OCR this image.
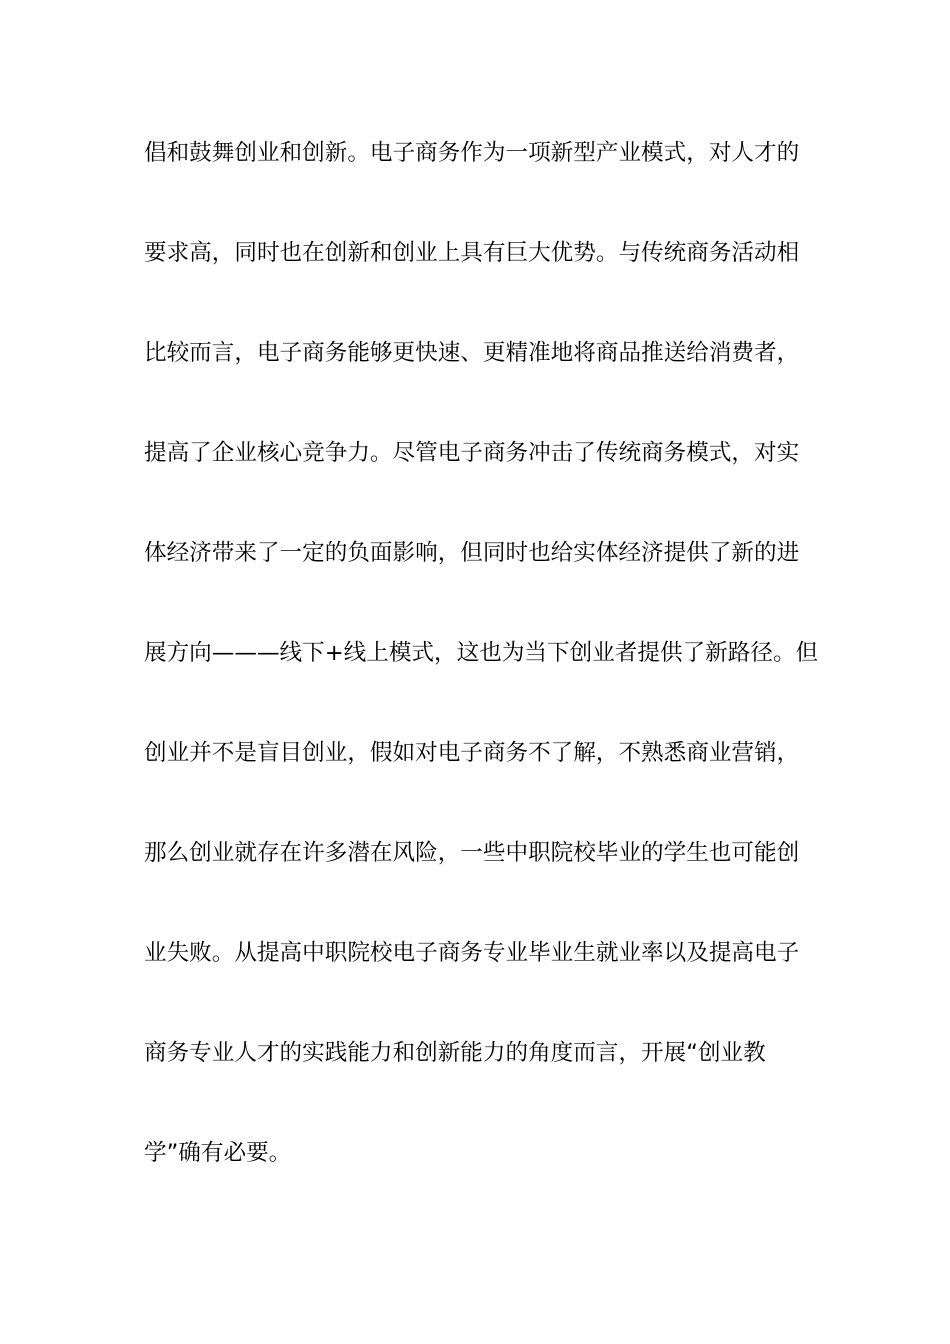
倡和鼓舞创业和创新。电子商务作为一项新型产业模式，对人才的
要求高，同时也在创新和创业上具有巨大优势。与传统商务活动相
比较而言，电子商务能够更快速、更精准地将商品推送给消费者，
提高了企业核心竞争力。尽管电子商务冲击了传统商务模式，对实
体经济带来了一定的负面影响，但同时也给实体经济提供了新的进
展方向———线下+线上模式，这也为当下创业者提供了新路径。但
创业并不是盲目创业，假如对电子商务不了解，不熟悉商业营销，
那么创业就存在许多潜在风险，一些中职院校毕业的学生也可能创
业失败。从提高中职院校电子商务专业毕业生就业率以及提高电子
商务专业人才的实践能力和创新能力的角度而言，开展“创业教
学”确有必要。
